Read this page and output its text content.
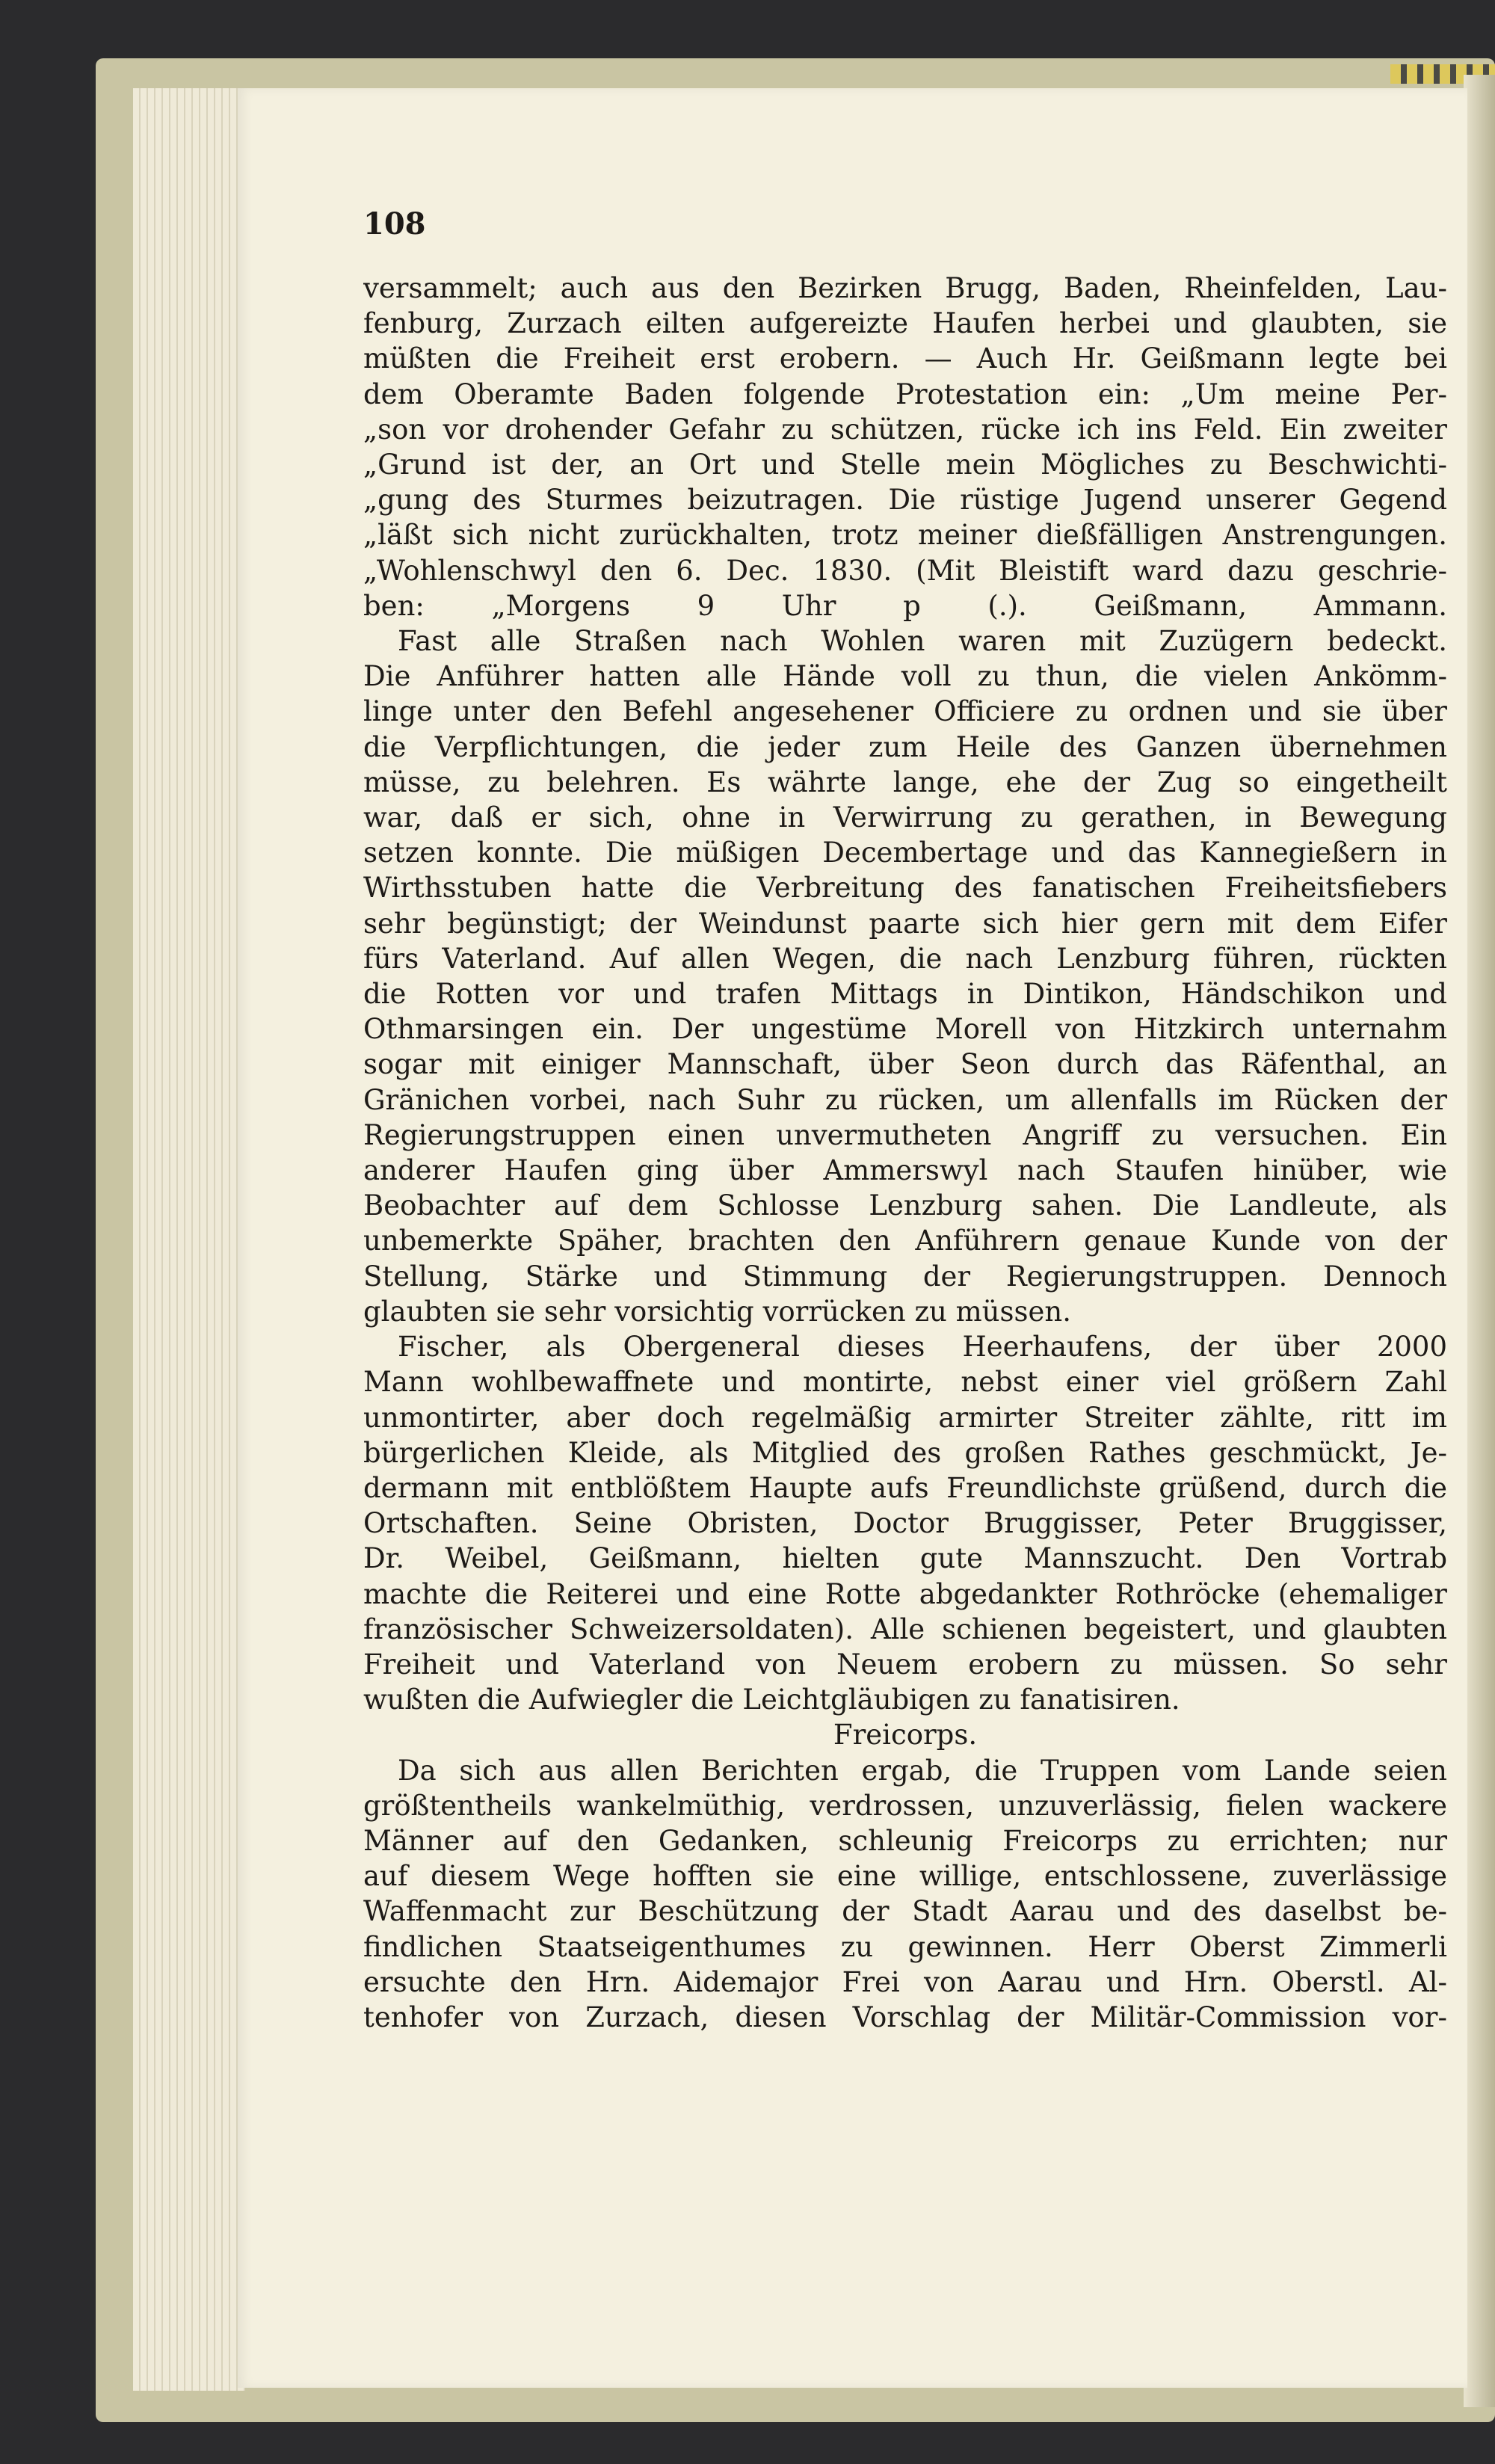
108

versammelt; auch aus den Bezirken Brugg, Baden, Rheinfelden, Lau-

fenburg, Zurzach eilten aufgereizte Haufen herbei und glaubten, sie

müßten die Freiheit erst erobern. — Auch Hr. Geißmann legte bei

dem Oberamte Baden folgende Protestation ein: „Um meine Per-

„son vor drohender Gefahr zu schützen, rücke ich ins Feld. Ein zweiter

„Grund ist der, an Ort und Stelle mein Mögliches zu Beschwichti-

„gung des Sturmes beizutragen. Die rüstige Jugend unserer Gegend

„läßt sich nicht zurückhalten, trotz meiner dießfälligen Anstrengungen.

„Wohlenschwyl den 6. Dec. 1830. (Mit Bleistift ward dazu geschrie-

ben: „Morgens 9 Uhr p (.). Geißmann, Ammann.

Fast alle Straßen nach Wohlen waren mit Zuzügern bedeckt.

Die Anführer hatten alle Hände voll zu thun, die vielen Ankömm-

linge unter den Befehl angesehener Officiere zu ordnen und sie über

die Verpflichtungen, die jeder zum Heile des Ganzen übernehmen

müsse, zu belehren. Es währte lange, ehe der Zug so eingetheilt

war, daß er sich, ohne in Verwirrung zu gerathen, in Bewegung

setzen konnte. Die müßigen Decembertage und das Kannegießern in

Wirthsstuben hatte die Verbreitung des fanatischen Freiheitsfiebers

sehr begünstigt; der Weindunst paarte sich hier gern mit dem Eifer

fürs Vaterland. Auf allen Wegen, die nach Lenzburg führen, rückten

die Rotten vor und trafen Mittags in Dintikon, Händschikon und

Othmarsingen ein. Der ungestüme Morell von Hitzkirch unternahm

sogar mit einiger Mannschaft, über Seon durch das Räfenthal, an

Gränichen vorbei, nach Suhr zu rücken, um allenfalls im Rücken der

Regierungstruppen einen unvermutheten Angriff zu versuchen. Ein

anderer Haufen ging über Ammerswyl nach Staufen hinüber, wie

Beobachter auf dem Schlosse Lenzburg sahen. Die Landleute, als

unbemerkte Späher, brachten den Anführern genaue Kunde von der

Stellung, Stärke und Stimmung der Regierungstruppen. Dennoch

glaubten sie sehr vorsichtig vorrücken zu müssen.

Fischer, als Obergeneral dieses Heerhaufens, der über 2000

Mann wohlbewaffnete und montirte, nebst einer viel größern Zahl

unmontirter, aber doch regelmäßig armirter Streiter zählte, ritt im

bürgerlichen Kleide, als Mitglied des großen Rathes geschmückt, Je-

dermann mit entblößtem Haupte aufs Freundlichste grüßend, durch die

Ortschaften. Seine Obristen, Doctor Bruggisser, Peter Bruggisser,

Dr. Weibel, Geißmann, hielten gute Mannszucht. Den Vortrab

machte die Reiterei und eine Rotte abgedankter Rothröcke (ehemaliger

französischer Schweizersoldaten). Alle schienen begeistert, und glaubten

Freiheit und Vaterland von Neuem erobern zu müssen. So sehr

wußten die Aufwiegler die Leichtgläubigen zu fanatisiren.

Freicorps.

Da sich aus allen Berichten ergab, die Truppen vom Lande seien

größtentheils wankelmüthig, verdrossen, unzuverlässig, fielen wackere

Männer auf den Gedanken, schleunig Freicorps zu errichten; nur

auf diesem Wege hofften sie eine willige, entschlossene, zuverlässige

Waffenmacht zur Beschützung der Stadt Aarau und des daselbst be-

findlichen Staatseigenthumes zu gewinnen. Herr Oberst Zimmerli

ersuchte den Hrn. Aidemajor Frei von Aarau und Hrn. Oberstl. Al-

tenhofer von Zurzach, diesen Vorschlag der Militär-Commission vor-
